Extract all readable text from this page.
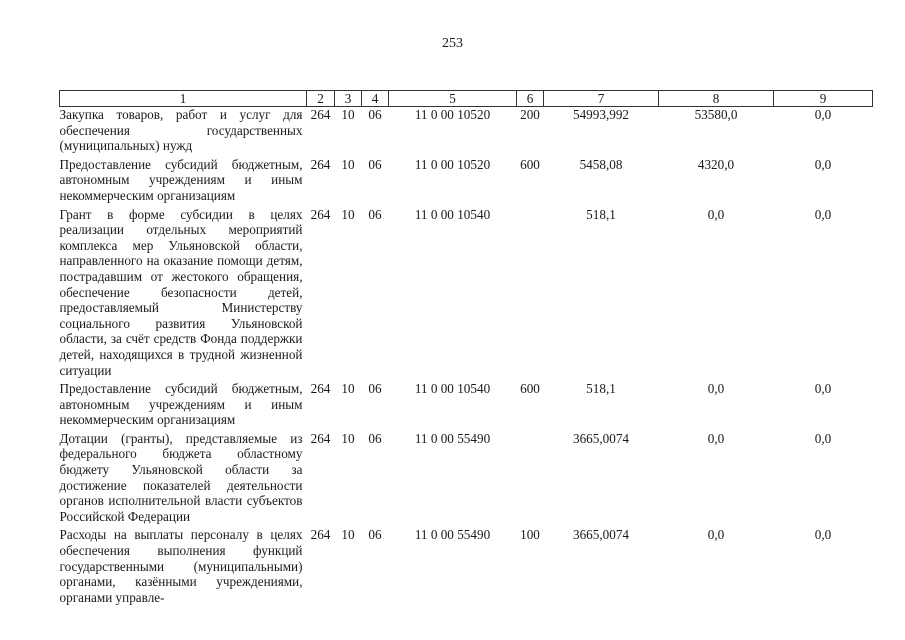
253
1	2	3	4	5	6	7	8	9
Закупка товаров, работ и услуг для обеспечения государственных (муниципальных) нужд	264	10	06	11 0 00 10520	200	54993,992	53580,0	0,0
Предоставление субсидий бюджетным, автономным учреждениям и иным некоммерческим организациям	264	10	06	11 0 00 10520	600	5458,08	4320,0	0,0
Грант в форме субсидии в целях реализации отдельных мероприятий комплекса мер Ульяновской области, направленного на оказание помощи детям, пострадавшим от жестокого обращения, обеспечение безопасности детей, предоставляемый Министерству социального развития Ульяновской области, за счёт средств Фонда поддержки детей, находящихся в трудной жизненной ситуации	264	10	06	11 0 00 10540		518,1	0,0	0,0
Предоставление субсидий бюджетным, автономным учреждениям и иным некоммерческим организациям	264	10	06	11 0 00 10540	600	518,1	0,0	0,0
Дотации (гранты), представляемые из федерального бюджета областному бюджету Ульяновской области за достижение показателей деятельности органов исполнительной власти субъектов Российской Федерации	264	10	06	11 0 00 55490		3665,0074	0,0	0,0
Расходы на выплаты персоналу в целях обеспечения выполнения функций государственными (муниципальными) органами, казёнными учреждениями, органами управле-	264	10	06	11 0 00 55490	100	3665,0074	0,0	0,0
